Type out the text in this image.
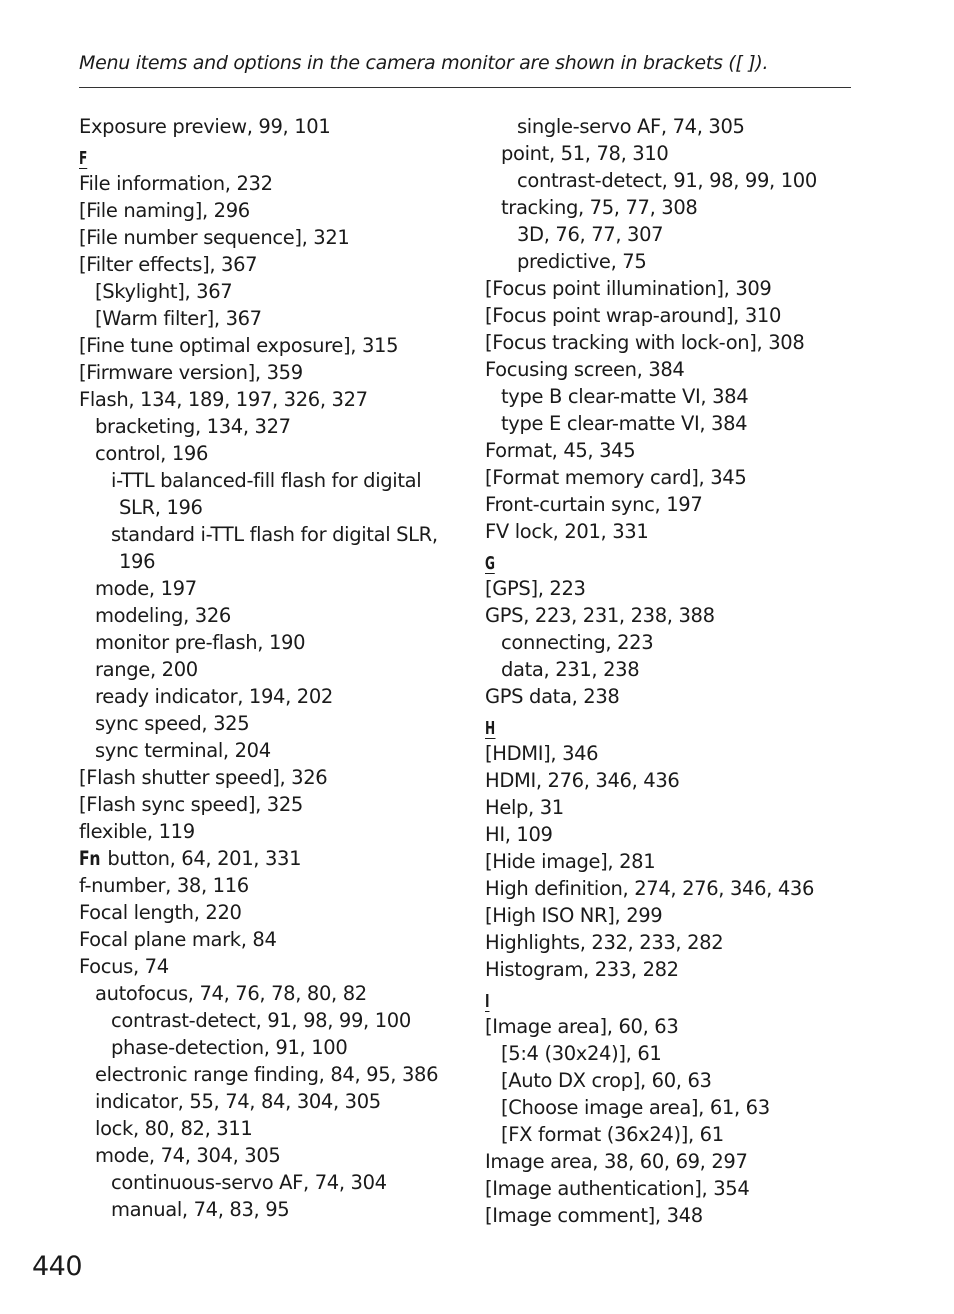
Menu items and options in the camera monitor are shown in brackets ([ ]).
Exposure preview, 99, 101
F
File information, 232
[File naming], 296
[File number sequence], 321
[Filter effects], 367
[Skylight], 367
[Warm filter], 367
[Fine tune optimal exposure], 315
[Firmware version], 359
Flash, 134, 189, 197, 326, 327
bracketing, 134, 327
control, 196
i-TTL balanced-fill flash for digital
SLR, 196
standard i-TTL flash for digital SLR,
196
mode, 197
modeling, 326
monitor pre-flash, 190
range, 200
ready indicator, 194, 202
sync speed, 325
sync terminal, 204
[Flash shutter speed], 326
[Flash sync speed], 325
flexible, 119
Fn button, 64, 201, 331
f-number, 38, 116
Focal length, 220
Focal plane mark, 84
Focus, 74
autofocus, 74, 76, 78, 80, 82
contrast-detect, 91, 98, 99, 100
phase-detection, 91, 100
electronic range finding, 84, 95, 386
indicator, 55, 74, 84, 304, 305
lock, 80, 82, 311
mode, 74, 304, 305
continuous-servo AF, 74, 304
manual, 74, 83, 95
single-servo AF, 74, 305
point, 51, 78, 310
contrast-detect, 91, 98, 99, 100
tracking, 75, 77, 308
3D, 76, 77, 307
predictive, 75
[Focus point illumination], 309
[Focus point wrap-around], 310
[Focus tracking with lock-on], 308
Focusing screen, 384
type B clear-matte VI, 384
type E clear-matte VI, 384
Format, 45, 345
[Format memory card], 345
Front-curtain sync, 197
FV lock, 201, 331
G
[GPS], 223
GPS, 223, 231, 238, 388
connecting, 223
data, 231, 238
GPS data, 238
H
[HDMI], 346
HDMI, 276, 346, 436
Help, 31
HI, 109
[Hide image], 281
High definition, 274, 276, 346, 436
[High ISO NR], 299
Highlights, 232, 233, 282
Histogram, 233, 282
I
[Image area], 60, 63
[5:4 (30x24)], 61
[Auto DX crop], 60, 63
[Choose image area], 61, 63
[FX format (36x24)], 61
Image area, 38, 60, 69, 297
[Image authentication], 354
[Image comment], 348
440
